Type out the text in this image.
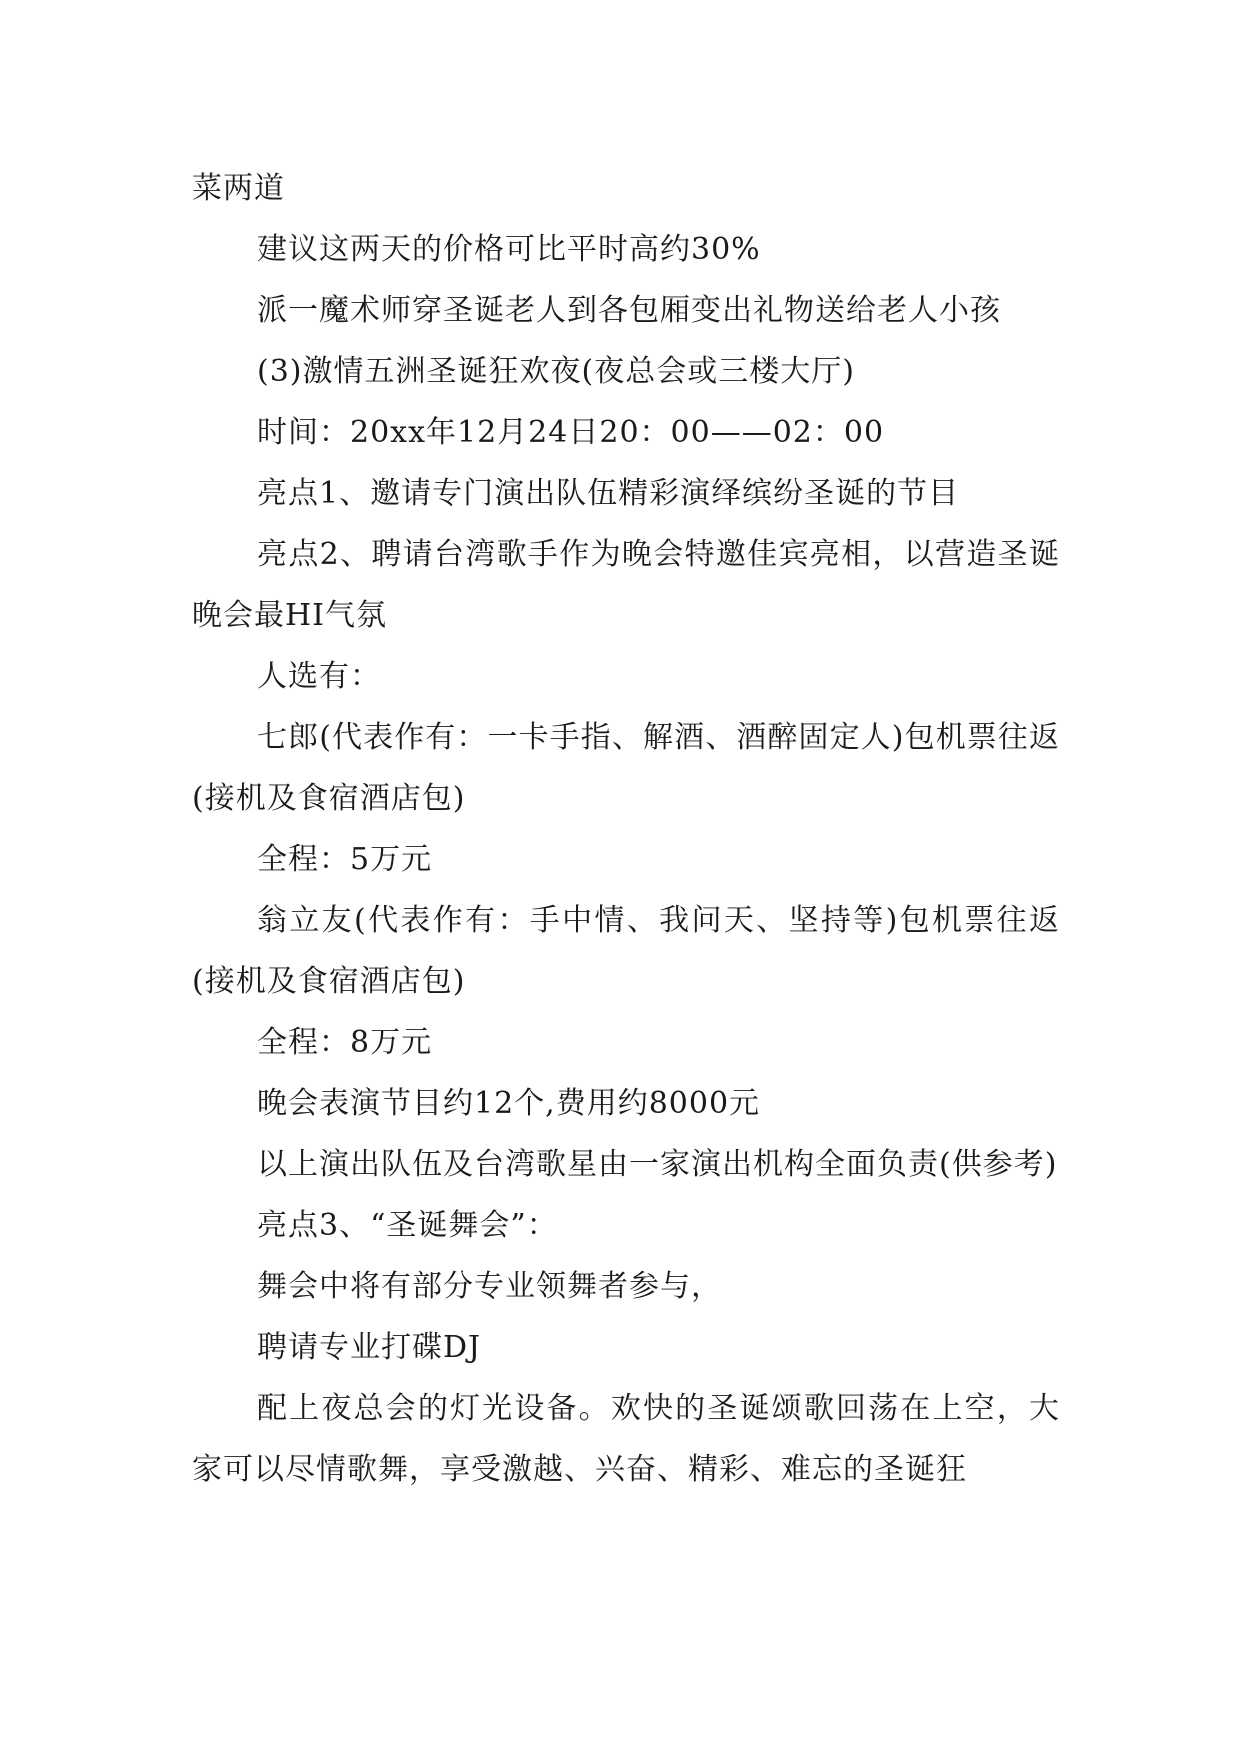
菜两道

建议这两天的价格可比平时高约30%

派一魔术师穿圣诞老人到各包厢变出礼物送给老人小孩

(3)激情五洲圣诞狂欢夜(夜总会或三楼大厅)

时间：20xx年12月24日20：00——02：00

亮点1、邀请专门演出队伍精彩演绎缤纷圣诞的节目

亮点2、聘请台湾歌手作为晚会特邀佳宾亮相，以营造圣诞晚会最HI气氛

人选有：

七郎(代表作有：一卡手指、解酒、酒醉固定人)包机票往返(接机及食宿酒店包)

全程：5万元

翁立友(代表作有：手中情、我问天、坚持等)包机票往返(接机及食宿酒店包)

全程：8万元

晚会表演节目约12个,费用约8000元

以上演出队伍及台湾歌星由一家演出机构全面负责(供参考)

亮点3、“圣诞舞会”：

舞会中将有部分专业领舞者参与，

聘请专业打碟DJ

配上夜总会的灯光设备。欢快的圣诞颂歌回荡在上空，大家可以尽情歌舞，享受激越、兴奋、精彩、难忘的圣诞狂
